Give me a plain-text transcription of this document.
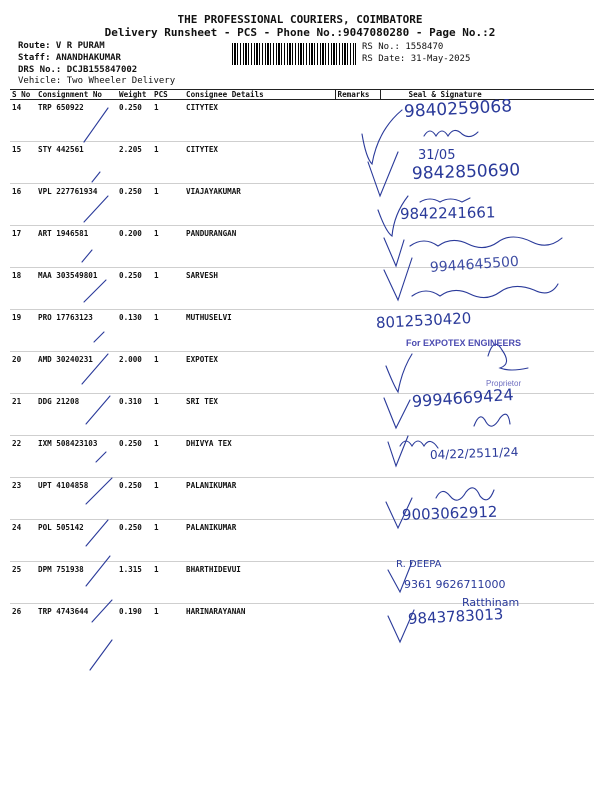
THE PROFESSIONAL COURIERS, COIMBATORE
Delivery Runsheet - PCS - Phone No.:9047080280 - Page No.:2
Route: V R PURAM
Staff: ANANDHAKUMAR
DRS No.: DCJB155847002
Vehicle: Two Wheeler Delivery
RS No.: 1558470
RS Date: 31-May-2025
S No	Consignment No	Weight	PCS	Consignee Details	Remarks	Seal & Signature
14	TRP 650922	0.250	1	CITYTEX		
15	STY 442561	2.205	1	CITYTEX		
16	VPL 227761934	0.250	1	VIAJAYAKUMAR		
17	ART 1946581	0.200	1	PANDURANGAN		
18	MAA 303549801	0.250	1	SARVESH		
19	PRO 17763123	0.130	1	MUTHUSELVI		
20	AMD 30240231	2.000	1	EXPOTEX		
21	DDG 21208	0.310	1	SRI TEX		
22	IXM 508423103	0.250	1	DHIVYA TEX		
23	UPT 4104858	0.250	1	PALANIKUMAR		
24	POL 505142	0.250	1	PALANIKUMAR		
25	DPM 751938	1.315	1	BHARTHIDEVUI		
26	TRP 4743644	0.190	1	HARINARAYANAN		
9840259068
31/05
9842850690
9842241661
9944645500
8012530420
9994669424
04/22/2511/24
9003062912
R. DEEPA
9361 9626711000
Ratthinam
9843783013
For EXPOTEX ENGINEERS
Proprietor
